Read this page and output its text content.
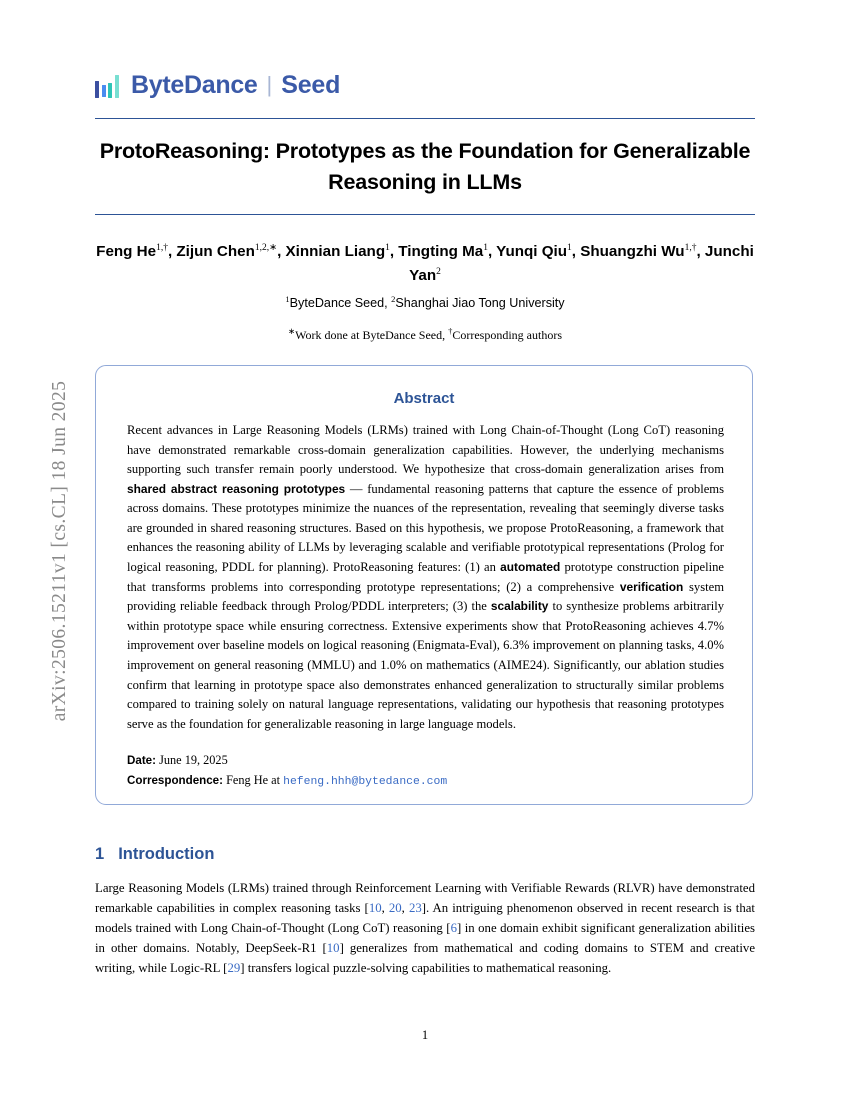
arXiv:2506.15211v1 [cs.CL] 18 Jun 2025
ByteDance | Seed
ProtoReasoning: Prototypes as the Foundation for Generalizable Reasoning in LLMs
Feng $He^{1,\dagger}$, Zijun Chen$^{1,2,∗}$, Xinnian Liang$^1$, Tingting Ma$^1$, Yunqi Qiu$^1$, Shuangzhi $Wu^{1,\dagger}$, Junchi Yan$^2$
$^1$ByteDance Seed, $^2$Shanghai Jiao Tong University
∗Work done at ByteDance Seed, †Corresponding authors
Abstract
Recent advances in Large Reasoning Models (LRMs) trained with Long Chain-of-Thought (Long CoT) reasoning have demonstrated remarkable cross-domain generalization capabilities. However, the underlying mechanisms supporting such transfer remain poorly understood. We hypothesize that cross-domain generalization arises from shared abstract reasoning prototypes — fundamental reasoning patterns that capture the essence of problems across domains. These prototypes minimize the nuances of the representation, revealing that seemingly diverse tasks are grounded in shared reasoning structures. Based on this hypothesis, we propose ProtoReasoning, a framework that enhances the reasoning ability of LLMs by leveraging scalable and verifiable prototypical representations (Prolog for logical reasoning, PDDL for planning). ProtoReasoning features: (1) an automated prototype construction pipeline that transforms problems into corresponding prototype representations; (2) a comprehensive verification system providing reliable feedback through Prolog/PDDL interpreters; (3) the scalability to synthesize problems arbitrarily within prototype space while ensuring correctness. Extensive experiments show that ProtoReasoning achieves 4.7% improvement over baseline models on logical reasoning (Enigmata-Eval), 6.3% improvement on planning tasks, 4.0% improvement on general reasoning (MMLU) and 1.0% on mathematics (AIME24). Significantly, our ablation studies confirm that learning in prototype space also demonstrates enhanced generalization to structurally similar problems compared to training solely on natural language representations, validating our hypothesis that reasoning prototypes serve as the foundation for generalizable reasoning in large language models.
Date: June 19, 2025
Correspondence: Feng He at hefeng.hhh@bytedance.com
1 Introduction
Large Reasoning Models (LRMs) trained through Reinforcement Learning with Verifiable Rewards (RLVR) have demonstrated remarkable capabilities in complex reasoning tasks [10, 20, 23]. An intriguing phenomenon observed in recent research is that models trained with Long Chain-of-Thought (Long CoT) reasoning [6] in one domain exhibit significant generalization abilities in other domains. Notably, DeepSeek-R1 [10] generalizes from mathematical and coding domains to STEM and creative writing, while Logic-RL [29] transfers logical puzzle-solving capabilities to mathematical reasoning.
1
